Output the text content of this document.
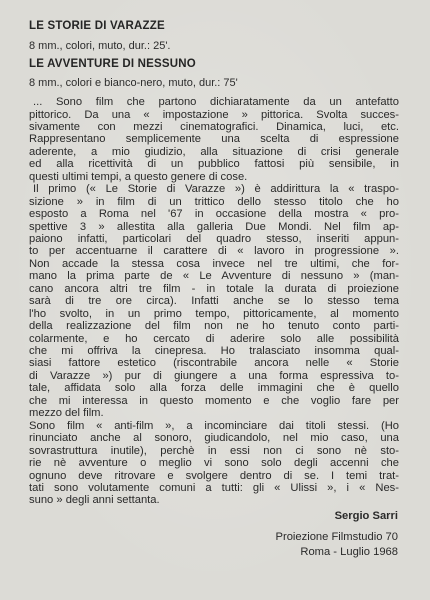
LE STORIE DI VARAZZE
8 mm., colori, muto, dur.: 25'.
LE AVVENTURE DI NESSUNO
8 mm., colori e bianco-nero, muto, dur.: 75'
... Sono film che partono dichiaratamente da un antefatto
pittorico. Da una « impostazione » pittorica. Svolta succes-
sivamente con mezzi cinematografici. Dinamica, luci, etc.
Rappresentano semplicemente una scelta di espressione
aderente, a mio giudizio, alla situazione di crisi generale
ed alla ricettività di un pubblico fattosi più sensibile, in
questi ultimi tempi, a questo genere di cose.
Il primo (« Le Storie di Varazze ») è addirittura la « traspo-
sizione » in film di un trittico dello stesso titolo che ho
esposto a Roma nel '67 in occasione della mostra « pro-
spettive 3 » allestita alla galleria Due Mondi. Nel film ap-
paiono infatti, particolari del quadro stesso, inseriti appun-
to per accentuarne il carattere di « lavoro in progressione ».
Non accade la stessa cosa invece nel tre ultimi, che for-
mano la prima parte de « Le Avventure di nessuno » (man-
cano ancora altri tre film - in totale la durata di proiezione
sarà di tre ore circa). Infatti anche se lo stesso tema
l'ho svolto, in un primo tempo, pittoricamente, al momento
della realizzazione del film non ne ho tenuto conto parti-
colarmente, e ho cercato di aderire solo alle possibilità
che mi offriva la cinepresa. Ho tralasciato insomma qual-
siasi fattore estetico (riscontrabile ancora nelle « Storie
di Varazze ») pur di giungere a una forma espressiva to-
tale, affidata solo alla forza delle immagini che è quello
che mi interessa in questo momento e che voglio fare per
mezzo del film.
Sono film « anti-film », a incominciare dai titoli stessi. (Ho
rinunciato anche al sonoro, giudicandolo, nel mio caso, una
sovrastruttura inutile), perchè in essi non ci sono nè sto-
rie nè avventure o meglio vi sono solo degli accenni che
ognuno deve ritrovare e svolgere dentro di se. I temi trat-
tati sono volutamente comuni a tutti: gli « Ulissi », i « Nes-
suno » degli anni settanta.
Sergio Sarri
Proiezione Filmstudio 70
Roma - Luglio 1968
